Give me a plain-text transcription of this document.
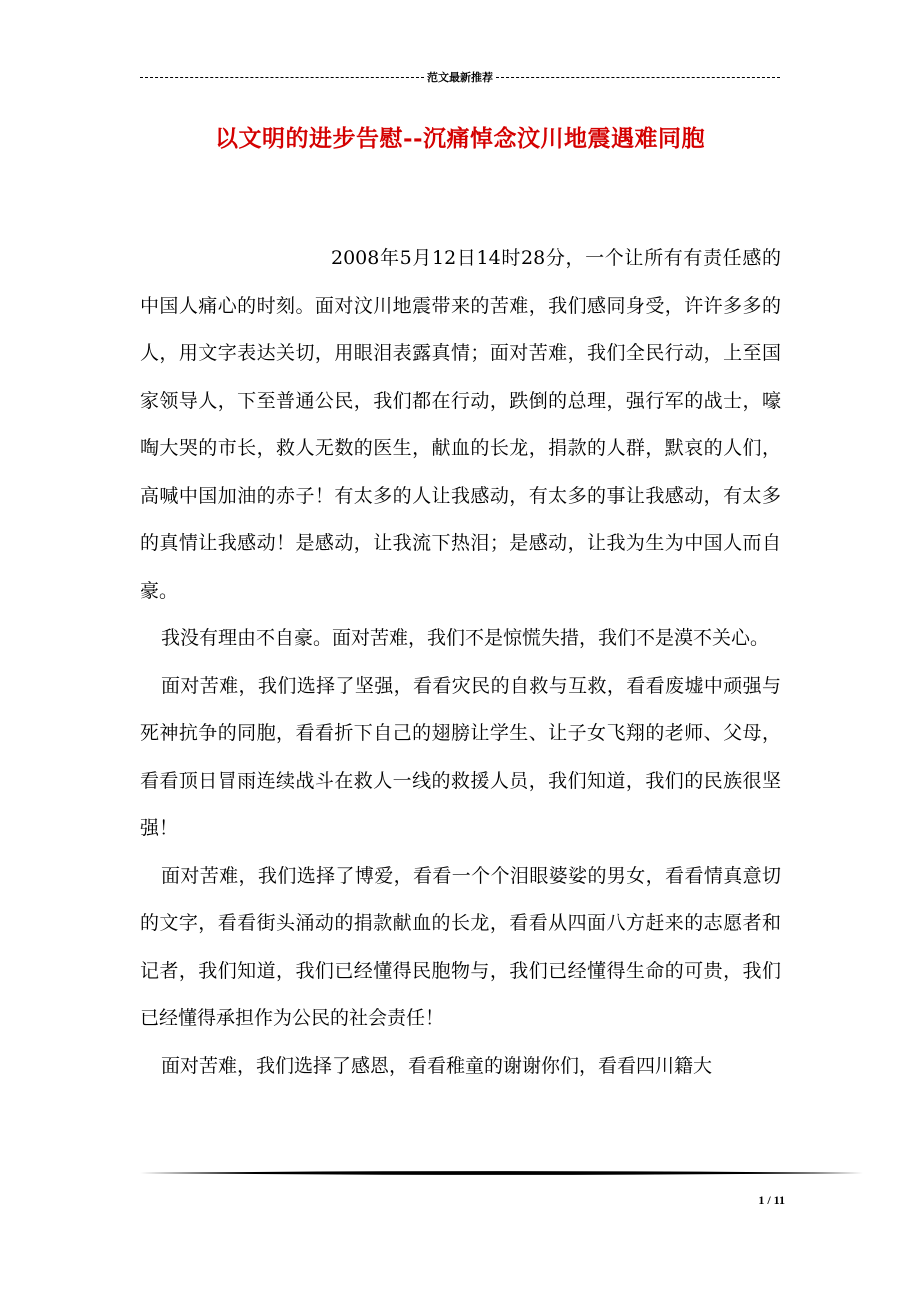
范文最新推荐
以文明的进步告慰--沉痛悼念汶川地震遇难同胞

2008年5月12日14时28分，一个让所有有责任感的中国人痛心的时刻。面对汶川地震带来的苦难，我们感同身受，许许多多的人，用文字表达关切，用眼泪表露真情；面对苦难，我们全民行动，上至国家领导人，下至普通公民，我们都在行动，跌倒的总理，强行军的战士，嚎啕大哭的市长，救人无数的医生，献血的长龙，捐款的人群，默哀的人们，高喊中国加油的赤子！有太多的人让我感动，有太多的事让我感动，有太多的真情让我感动！是感动，让我流下热泪；是感动，让我为生为中国人而自豪。

我没有理由不自豪。面对苦难，我们不是惊慌失措，我们不是漠不关心。

面对苦难，我们选择了坚强，看看灾民的自救与互救，看看废墟中顽强与死神抗争的同胞，看看折下自己的翅膀让学生、让子女飞翔的老师、父母，看看顶日冒雨连续战斗在救人一线的救援人员，我们知道，我们的民族很坚强！

面对苦难，我们选择了博爱，看看一个个泪眼婆娑的男女，看看情真意切的文字，看看街头涌动的捐款献血的长龙，看看从四面八方赶来的志愿者和记者，我们知道，我们已经懂得民胞物与，我们已经懂得生命的可贵，我们已经懂得承担作为公民的社会责任！

面对苦难，我们选择了感恩，看看稚童的谢谢你们，看看四川籍大

1 / 11
